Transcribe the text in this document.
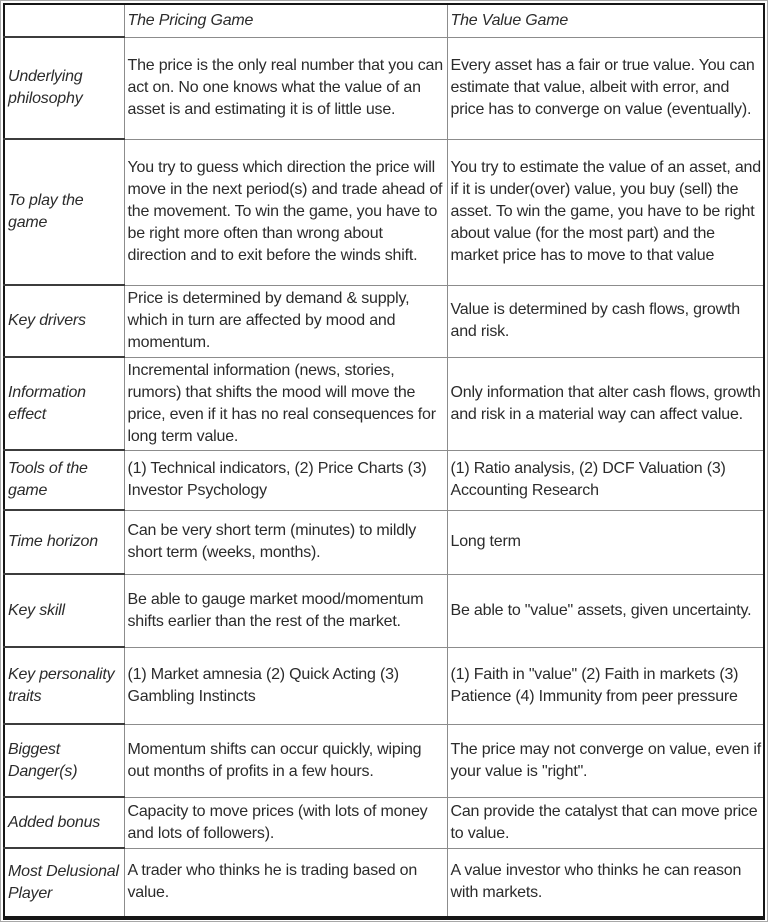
	The Pricing Game	The Value Game
Underlying philosophy	The price is the only real number that you can act on. No one knows what the value of an asset is and estimating it is of little use.	Every asset has a fair or true value. You can estimate that value, albeit with error, and price has to converge on value (eventually).
To play the game	You try to guess which direction the price will move in the next period(s) and trade ahead of the movement. To win the game, you have to be right more often than wrong about direction and to exit before the winds shift.	You try to estimate the value of an asset, and if it is under(over) value, you buy (sell) the asset. To win the game, you have to be right about value (for the most part) and the market price has to move to that value
Key drivers	Price is determined by demand & supply, which in turn are affected by mood and momentum.	Value is determined by cash flows, growth and risk.
Information effect	Incremental information (news, stories, rumors) that shifts the mood will move the price, even if it has no real consequences for long term value.	Only information that alter cash flows, growth and risk in a material way can affect value.
Tools of the game	(1) Technical indicators, (2) Price Charts (3) Investor Psychology	(1) Ratio analysis, (2) DCF Valuation (3) Accounting Research
Time horizon	Can be very short term (minutes) to mildly short term (weeks, months).	Long term
Key skill	Be able to gauge market mood/momentum shifts earlier than the rest of the market.	Be able to "value" assets, given uncertainty.
Key personality traits	(1) Market amnesia (2) Quick Acting (3) Gambling Instincts	(1) Faith in "value" (2) Faith in markets (3) Patience (4) Immunity from peer pressure
Biggest Danger(s)	Momentum shifts can occur quickly, wiping out months of profits in a few hours.	The price may not converge on value, even if your value is "right".
Added bonus	Capacity to move prices (with lots of money and lots of followers).	Can provide the catalyst that can move price to value.
Most Delusional Player	A trader who thinks he is trading based on value.	A value investor who thinks he can reason with markets.
